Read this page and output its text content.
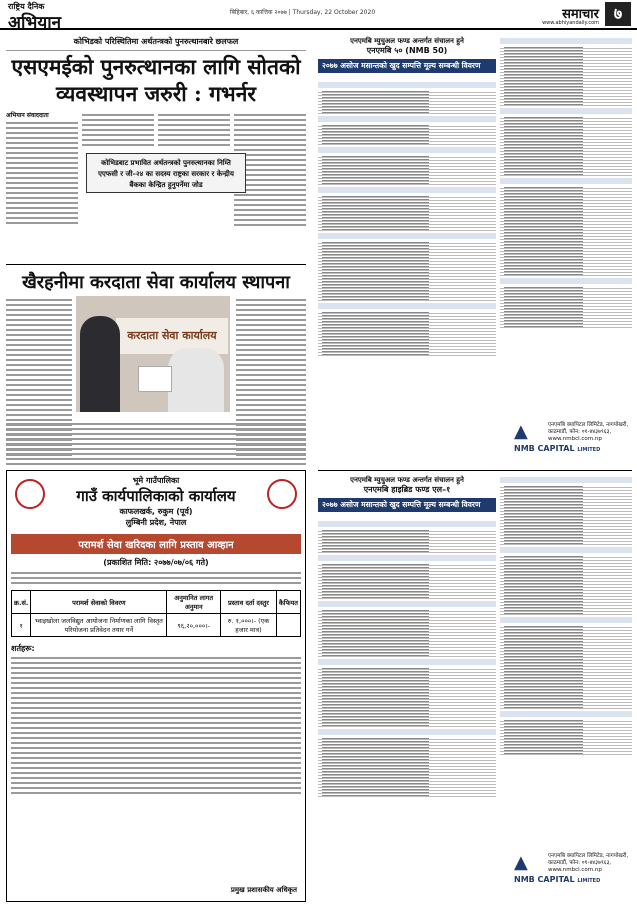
राष्ट्रिय दैनिक
अभियान
बिहिबार, ६ कात्तिक २०७७ | Thursday, 22 October 2020	समाचार
www.abhiyandaily.com ७
कोभिडको परिस्थितिमा अर्थतन्त्रको पुनरुत्थानबारे छलफल
एसएमईको पुनरुत्थानका लागि सोतको व्यवस्थापन जरुरी : गभर्नर
अभियान संवाददाता
कोभिडबाट प्रभावित अर्थतन्त्रको पुनरुत्थानका निम्ति एएफसी र जी–२४ का सदस्य राष्ट्रका सरकार र केन्द्रीय बैंकका केन्द्रित हुनुपर्नेमा जोड
खैरहनीमा करदाता सेवा कार्यालय स्थापना
करदाता सेवा कार्यालय
भूमे गाउँपालिका
गाउँ कार्यपालिकाको कार्यालय
काफलखर्क, रुकुम (पूर्व)
लुम्बिनी प्रदेश, नेपाल
परामर्श सेवा खरिदका लागि प्रस्ताव आव्हान
(प्रकाशित मिति: २०७७/०७/०६ गते)
क्र.सं.	परामर्श सेवाको विवरण	अनुमानित लागत अनुमान	प्रस्ताव दर्ता दस्तुर	कैफियत
१	भ्वाइखोला जलविद्युत आयोजना निर्माणका लागि विस्तृत परियोजना प्रतिवेदन तयार गर्ने	९६,२०,०००।-	रु. १,०००।- (एक हजार मात्र)	
शर्तहरू:
प्रमुख प्रशासकीय अधिकृत
एनएमबि म्युचुअल फण्ड अन्तर्गत संचालन हुने
एनएमबि ५० (NMB 50)
२०७७ असोज मसान्तको खुद सम्पत्ति मूल्य सम्बन्धी विवरण
▲
NMB CAPITAL LIMITED
एनएमबि क्यापिटल लिमिटेड, नागपोखरी, काठमाडौं, फोन: ०१-४४३७९६३, www.nmbcl.com.np
एनएमबि म्युचुअल फण्ड अन्तर्गत संचालन हुने
एनएमबि हाइब्रिड फण्ड एल–१
२०७७ असोज मसान्तको खुद सम्पत्ति मूल्य सम्बन्धी विवरण
▲
NMB CAPITAL LIMITED
एनएमबि क्यापिटल लिमिटेड, नागपोखरी, काठमाडौं, फोन: ०१-४४३७९६३, www.nmbcl.com.np
